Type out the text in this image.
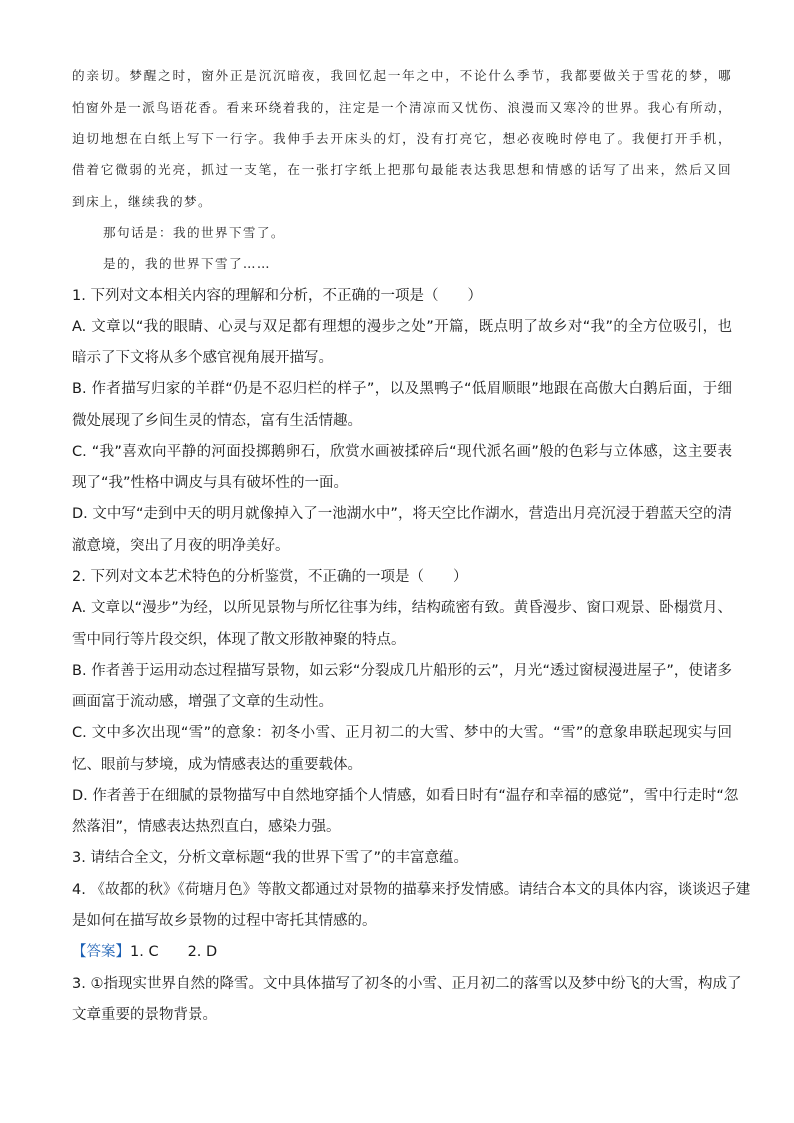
的亲切。梦醒之时，窗外正是沉沉暗夜，我回忆起一年之中，不论什么季节，我都要做关于雪花的梦，哪
怕窗外是一派鸟语花香。看来环绕着我的，注定是一个清凉而又忧伤、浪漫而又寒冷的世界。我心有所动，
迫切地想在白纸上写下一行字。我伸手去开床头的灯，没有打亮它，想必夜晚时停电了。我便打开手机，
借着它微弱的光亮，抓过一支笔，在一张打字纸上把那句最能表达我思想和情感的话写了出来，然后又回
到床上，继续我的梦。
那句话是：我的世界下雪了。
是的，我的世界下雪了……
1. 下列对文本相关内容的理解和分析，不正确的一项是（　　）
A. 文章以“我的眼睛、心灵与双足都有理想的漫步之处”开篇，既点明了故乡对“我”的全方位吸引，也
暗示了下文将从多个感官视角展开描写。
B. 作者描写归家的羊群“仍是不忍归栏的样子”，以及黑鸭子“低眉顺眼”地跟在高傲大白鹅后面，于细
微处展现了乡间生灵的情态，富有生活情趣。
C. “我”喜欢向平静的河面投掷鹅卵石，欣赏水画被揉碎后“现代派名画”般的色彩与立体感，这主要表
现了“我”性格中调皮与具有破坏性的一面。
D. 文中写“走到中天的明月就像掉入了一池湖水中”，将天空比作湖水，营造出月亮沉浸于碧蓝天空的清
澈意境，突出了月夜的明净美好。
2. 下列对文本艺术特色的分析鉴赏，不正确的一项是（　　）
A. 文章以“漫步”为经，以所见景物与所忆往事为纬，结构疏密有致。黄昏漫步、窗口观景、卧榻赏月、
雪中同行等片段交织，体现了散文形散神聚的特点。
B. 作者善于运用动态过程描写景物，如云彩“分裂成几片船形的云”，月光“透过窗棂漫进屋子”，使诸多
画面富于流动感，增强了文章的生动性。
C. 文中多次出现“雪”的意象：初冬小雪、正月初二的大雪、梦中的大雪。“雪”的意象串联起现实与回
忆、眼前与梦境，成为情感表达的重要载体。
D. 作者善于在细腻的景物描写中自然地穿插个人情感，如看日时有“温存和幸福的感觉”，雪中行走时“忽
然落泪”，情感表达热烈直白，感染力强。
3. 请结合全文，分析文章标题“我的世界下雪了”的丰富意蕴。
4. 《故都的秋》《荷塘月色》等散文都通过对景物的描摹来抒发情感。请结合本文的具体内容，谈谈迟子建
是如何在描写故乡景物的过程中寄托其情感的。
【答案】1. C　　2. D
3. ①指现实世界自然的降雪。文中具体描写了初冬的小雪、正月初二的落雪以及梦中纷飞的大雪，构成了
文章重要的景物背景。
